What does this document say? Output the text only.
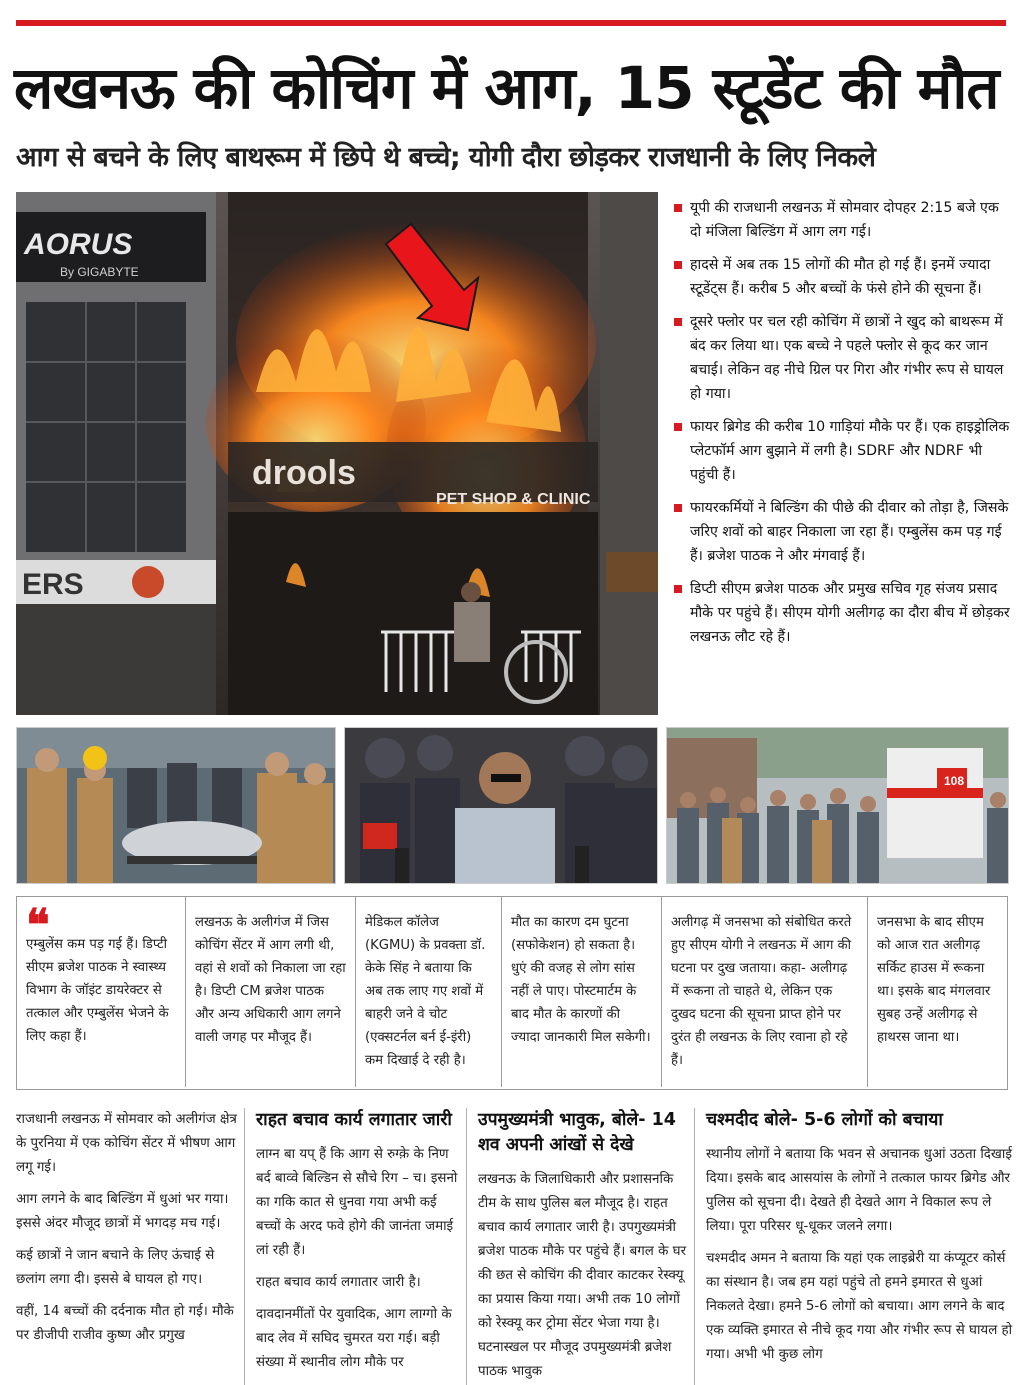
लखनऊ की कोचिंग में आग, 15 स्टूडेंट की मौत
आग से बचने के लिए बाथरूम में छिपे थे बच्चे; योगी दौरा छोड़कर राजधानी के लिए निकले
AORUS
By GIGABYTE
ERS
drools
PET SHOP & CLINIC
यूपी की राजधानी लखनऊ में सोमवार दोपहर 2:15 बजे एक दो मंजिला बिल्डिंग में आग लग गई।
हादसे में अब तक 15 लोगों की मौत हो गई हैं। इनमें ज्यादा स्टूडेंट्स हैं। करीब 5 और बच्चों के फंसे होने की सूचना हैं।
दूसरे फ्लोर पर चल रही कोचिंग में छात्रों ने खुद को बाथरूम में बंद कर लिया था। एक बच्चे ने पहले फ्लोर से कूद कर जान बचाई। लेकिन वह नीचे ग्रिल पर गिरा और गंभीर रूप से घायल हो गया।
फायर ब्रिगेड की करीब 10 गाड़ियां मौके पर हैं। एक हाइड्रोलिक प्लेटफॉर्म आग बुझाने में लगी है। SDRF और NDRF भी पहुंची हैं।
फायरकर्मियों ने बिल्डिंग की पीछे की दीवार को तोड़ा है, जिसके जरिए शवों को बाहर निकाला जा रहा हैं। एम्बुलेंस कम पड़ गई हैं। ब्रजेश पाठक ने और मंगवाई हैं।
डिप्टी सीएम ब्रजेश पाठक और प्रमुख सचिव गृह संजय प्रसाद मौके पर पहुंचे हैं। सीएम योगी अलीगढ़ का दौरा बीच में छोड़कर लखनऊ लौट रहे हैं।
108
❝
एम्बुलेंस कम पड़ गई हैं। डिप्टी सीएम ब्रजेश पाठक ने स्वास्थ्य विभाग के जॉइंट डायरेक्टर से तत्काल और एम्बुलेंस भेजने के लिए कहा हैं।
लखनऊ के अलीगंज में जिस कोचिंग सेंटर में आग लगी थी, वहां से शवों को निकाला जा रहा है। डिप्टी CM ब्रजेश पाठक और अन्य अधिकारी आग लगने वाली जगह पर मौजूद हैं।
मेडिकल कॉलेज (KGMU) के प्रवक्ता डॉ. केके सिंह ने बताया कि अब तक लाए गए शवों में बाहरी जने वे चोट (एक्सटर्नल बर्न ई-इंरी) कम दिखाई दे रही है।
मौत का कारण दम घुटना (सफोकेशन) हो सकता है। धुएं की वजह से लोग सांस नहीं ले पाए। पोस्टमार्टम के बाद मौत के कारणों की ज्यादा जानकारी मिल सकेगी।
अलीगढ़ में जनसभा को संबोधित करते हुए सीएम योगी ने लखनऊ में आग की घटना पर दुख जताया। कहा- अलीगढ़ में रूकना तो चाहते थे, लेकिन एक दुखद घटना की सूचना प्राप्त होने पर दुरंत ही लखनऊ के लिए रवाना हो रहे हैं।
जनसभा के बाद सीएम को आज रात अलीगढ़ सर्किट हाउस में रूकना था। इसके बाद मंगलवार सुबह उन्हें अलीगढ़ से हाथरस जाना था।

राजधानी लखनऊ में सोमवार को अलीगंज क्षेत्र के पुरनिया में एक कोचिंग सेंटर में भीषण आग लगू गई।

आग लगने के बाद बिल्डिंग में धुआं भर गया। इससे अंदर मौजूद छात्रों में भगदड़ मच गई।

कई छात्रों ने जान बचाने के लिए ऊंचाई से छलांग लगा दी। इससे बे घायल हो गए।

वहीं, 14 बच्चों की दर्दनाक मौत हो गई। मौके पर डीजीपी राजीव कुष्ण और प्रगुख

राहत बचाव कार्य लगातार जारी

लाग्न बा यप् हैं कि आग से रुग्क़े के निण बर्द बाव्वे बिल्डिन से सौचे रिग – च। इसनो का गकि कात से धुनवा गया अभी कई बच्चों के अरद फवे होगे की जानंता जमाई लां रही हैं।

राहत बचाव कार्य लगातार जारी है।

दावदानमींतों पेर युवादिक, आग लाग्गो के बाद लेव में सघिद चुमरत यरा गई। बड़ी संख्या में स्थानीव लोग मौके पर

उपमुख्यमंत्री भावुक, बोले- 14 शव अपनी आंखों से देखे

लखनऊ के जिलाधिकारी और प्रशासनकि टीम के साथ पुलिस बल मौजूद है। राहत बचाव कार्य लगातार जारी है। उपगुख्यमंत्री ब्रजेश पाठक मौके पर पहुंचे हैं। बगल के घर की छत से कोचिंग की दीवार काटकर रेस्क्यू का प्रयास किया गया। अभी तक 10 लोगों को रेस्क्यू कर ट्रोमा सेंटर भेजा गया है। घटनास्खल पर मौजूद उपमुख्यमंत्री ब्रजेश पाठक भावुक

चश्मदीद बोले- 5-6 लोगों को बचाया

स्थानीय लोगों ने बताया कि भवन से अचानक धुआं उठता दिखाई दिया। इसके बाद आसयांस के लोगों ने तत्काल फायर ब्रिगेड और पुलिस को सूचना दी। देखते ही देखते आग ने विकाल रूप ले लिया। पूरा परिसर धू-धूकर जलने लगा।

चश्मदीद अमन ने बताया कि यहां एक लाइब्रेरी या कंप्यूटर कोर्स का संस्थान है। जब हम यहां पहुंचे तो हमने इमारत से धुआं निकलते देखा। हमने 5-6 लोगों को बचाया। आग लगने के बाद एक व्यक्ति इमारत से नीचे कूद गया और गंभीर रूप से घायल हो गया। अभी भी कुछ लोग
